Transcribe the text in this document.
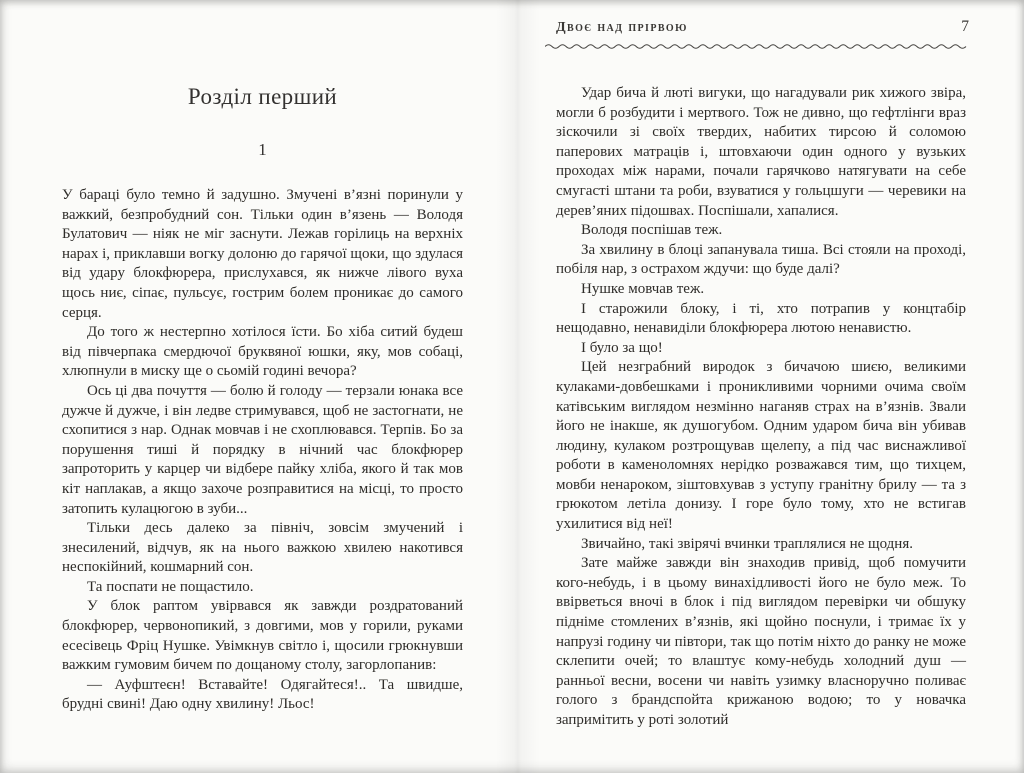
Двоє над прірвою	7
Розділ перший
1

У бараці було темно й задушно. Змучені в’язні поринули у важкий, безпробудний сон. Тільки один в’язень — Володя Булатович — ніяк не міг заснути. Лежав горілиць на верхніх нарах і, приклавши вогку долоню до гарячої щоки, що здулася від удару блокфюрера, прислухався, як нижче лівого вуха щось ниє, сіпає, пульсує, гострим болем проникає до самого серця.

До того ж нестерпно хотілося їсти. Бо хіба ситий будеш від півчерпака смердючої бруквяної юшки, яку, мов собаці, хлюпнули в миску ще о сьомій годині вечора?

Ось ці два почуття — болю й голоду — терзали юнака все дужче й дужче, і він ледве стримувався, щоб не застогнати, не схопитися з нар. Однак мовчав і не схоплювався. Терпів. Бо за порушення тиші й порядку в нічний час блокфюрер запроторить у карцер чи відбере пайку хліба, якого й так мов кіт наплакав, а якщо захоче розправитися на місці, то просто затопить кулацюгою в зуби...

Тільки десь далеко за північ, зовсім змучений і знесилений, відчув, як на нього важкою хвилею накотився неспокійний, кошмарний сон.

Та поспати не пощастило.

У блок раптом увірвався як завжди роздратований блокфюрер, червонопикий, з довгими, мов у горили, руками есесівець Фріц Нушке. Увімкнув світло і, щосили грюкнувши важким гумовим бичем по дощаному столу, загорлопанив:

— Ауфштеєн! Вставайте! Одягайтеся!.. Та швидше, брудні свині! Даю одну хвилину! Льос!

Удар бича й люті вигуки, що нагадували рик хижого звіра, могли б розбудити і мертвого. Тож не дивно, що гефтлінги враз зіскочили зі своїх твердих, набитих тирсою й соломою паперових матраців і, штовхаючи один одного у вузьких проходах між нарами, почали гарячково натягувати на себе смугасті штани та роби, взуватися у гольцшуги — черевики на дерев’яних підошвах. Поспішали, хапалися.

Володя поспішав теж.

За хвилину в блоці запанувала тиша. Всі стояли на проході, побіля нар, з острахом ждучи: що буде далі?

Нушке мовчав теж.

І старожили блоку, і ті, хто потрапив у концтабір нещодавно, ненавиділи блокфюрера лютою ненавистю.

І було за що!

Цей незграбний виродок з бичачою шиєю, великими кулаками-довбешками і проникливими чорними очима своїм катівським виглядом незмінно наганяв страх на в’язнів. Звали його не інакше, як душогубом. Одним ударом бича він убивав людину, кулаком розтрощував щелепу, а під час виснажливої роботи в каменоломнях нерідко розважався тим, що тихцем, мовби ненароком, зіштовхував з уступу гранітну брилу — та з грюкотом летіла донизу. І горе було тому, хто не встигав ухилитися від неї!

Звичайно, такі звірячі вчинки траплялися не щодня.

Зате майже завжди він знаходив привід, щоб помучити кого-небудь, і в цьому винахідливості його не було меж. То ввірветься вночі в блок і під виглядом перевірки чи обшуку підніме стомлених в’язнів, які щойно поснули, і тримає їх у напрузі годину чи півтори, так що потім ніхто до ранку не може склепити очей; то влаштує кому-небудь холодний душ — ранньої весни, восени чи навіть узимку власноручно поливає голого з брандспойта крижаною водою; то у новачка запримітить у роті золотий
